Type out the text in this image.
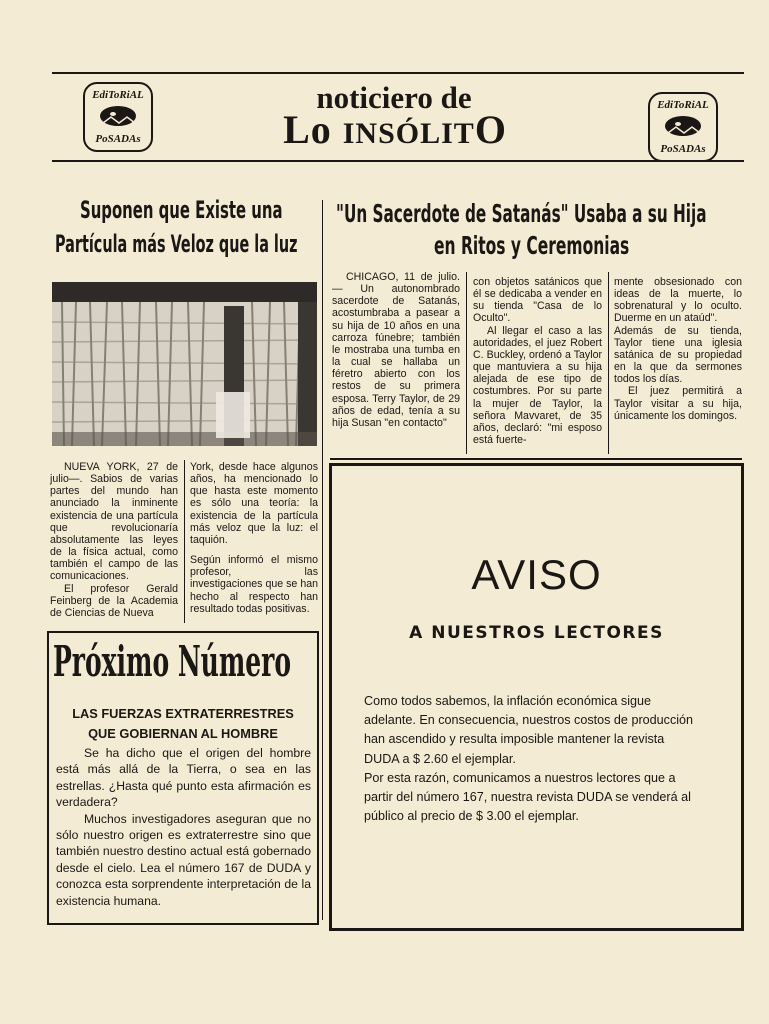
EdiToRiAL
PoSADAs
EdiToRiAL
PoSADAs
noticiero de
Lo INSÓLITO
Suponen que Existe una
Partícula más Veloz que la luz

NUEVA YORK, 27 de julio—. Sabios de varias partes del mundo han anunciado la inminente existencia de una partícula que revolucionaría absolutamente las leyes de la física actual, como también el campo de las comunicaciones.

El profesor Gerald Feinberg de la Academia de Ciencias de Nueva

York, desde hace algunos años, ha mencionado lo que hasta este momento es sólo una teoría: la existencia de la partícula más veloz que la luz: el taquión.

Según informó el mismo profesor, las investigaciones que se han hecho al respecto han resultado todas positivas.

"Un Sacerdote de Satanás" Usaba a su Hija
en Ritos y Ceremonias

CHICAGO, 11 de julio.— Un autonombrado sacerdote de Satanás, acostumbraba a pasear a su hija de 10 años en una carroza fúnebre; también le mostraba una tumba en la cual se hallaba un féretro abierto con los restos de su primera esposa. Terry Taylor, de 29 años de edad, tenía a su hija Susan "en contacto"

con objetos satánicos que él se dedicaba a vender en su tienda "Casa de lo Oculto".

Al llegar el caso a las autoridades, el juez Robert C. Buckley, ordenó a Taylor que mantuviera a su hija alejada de ese tipo de costumbres. Por su parte la mujer de Taylor, la señora Mavvaret, de 35 años, declaró: "mi esposo está fuerte-

mente obsesionado con ideas de la muerte, lo sobrenatural y lo oculto. Duerme en un ataúd".

Además de su tienda, Taylor tiene una iglesia satánica de su propiedad en la que da sermones todos los días.

El juez permitirá a Taylor visitar a su hija, únicamente los domingos.

Próximo Número
LAS FUERZAS EXTRATERRESTRES
QUE GOBIERNAN AL HOMBRE

Se ha dicho que el origen del hombre está más allá de la Tierra, o sea en las estrellas. ¿Hasta qué punto esta afirmación es verdadera?

Muchos investigadores aseguran que no sólo nuestro origen es extraterrestre sino que también nuestro destino actual está gobernado desde el cielo. Lea el número 167 de DUDA y conozca esta sorprendente interpretación de la existencia humana.

AVISO
A NUESTROS LECTORES

Como todos sabemos, la inflación económica sigue adelante. En consecuencia, nuestros costos de producción han ascendido y resulta imposible mantener la revista DUDA a $ 2.60 el ejemplar.

Por esta razón, comunicamos a nuestros lectores que a partir del número 167, nuestra revista DUDA se venderá al público al precio de $ 3.00 el ejemplar.
